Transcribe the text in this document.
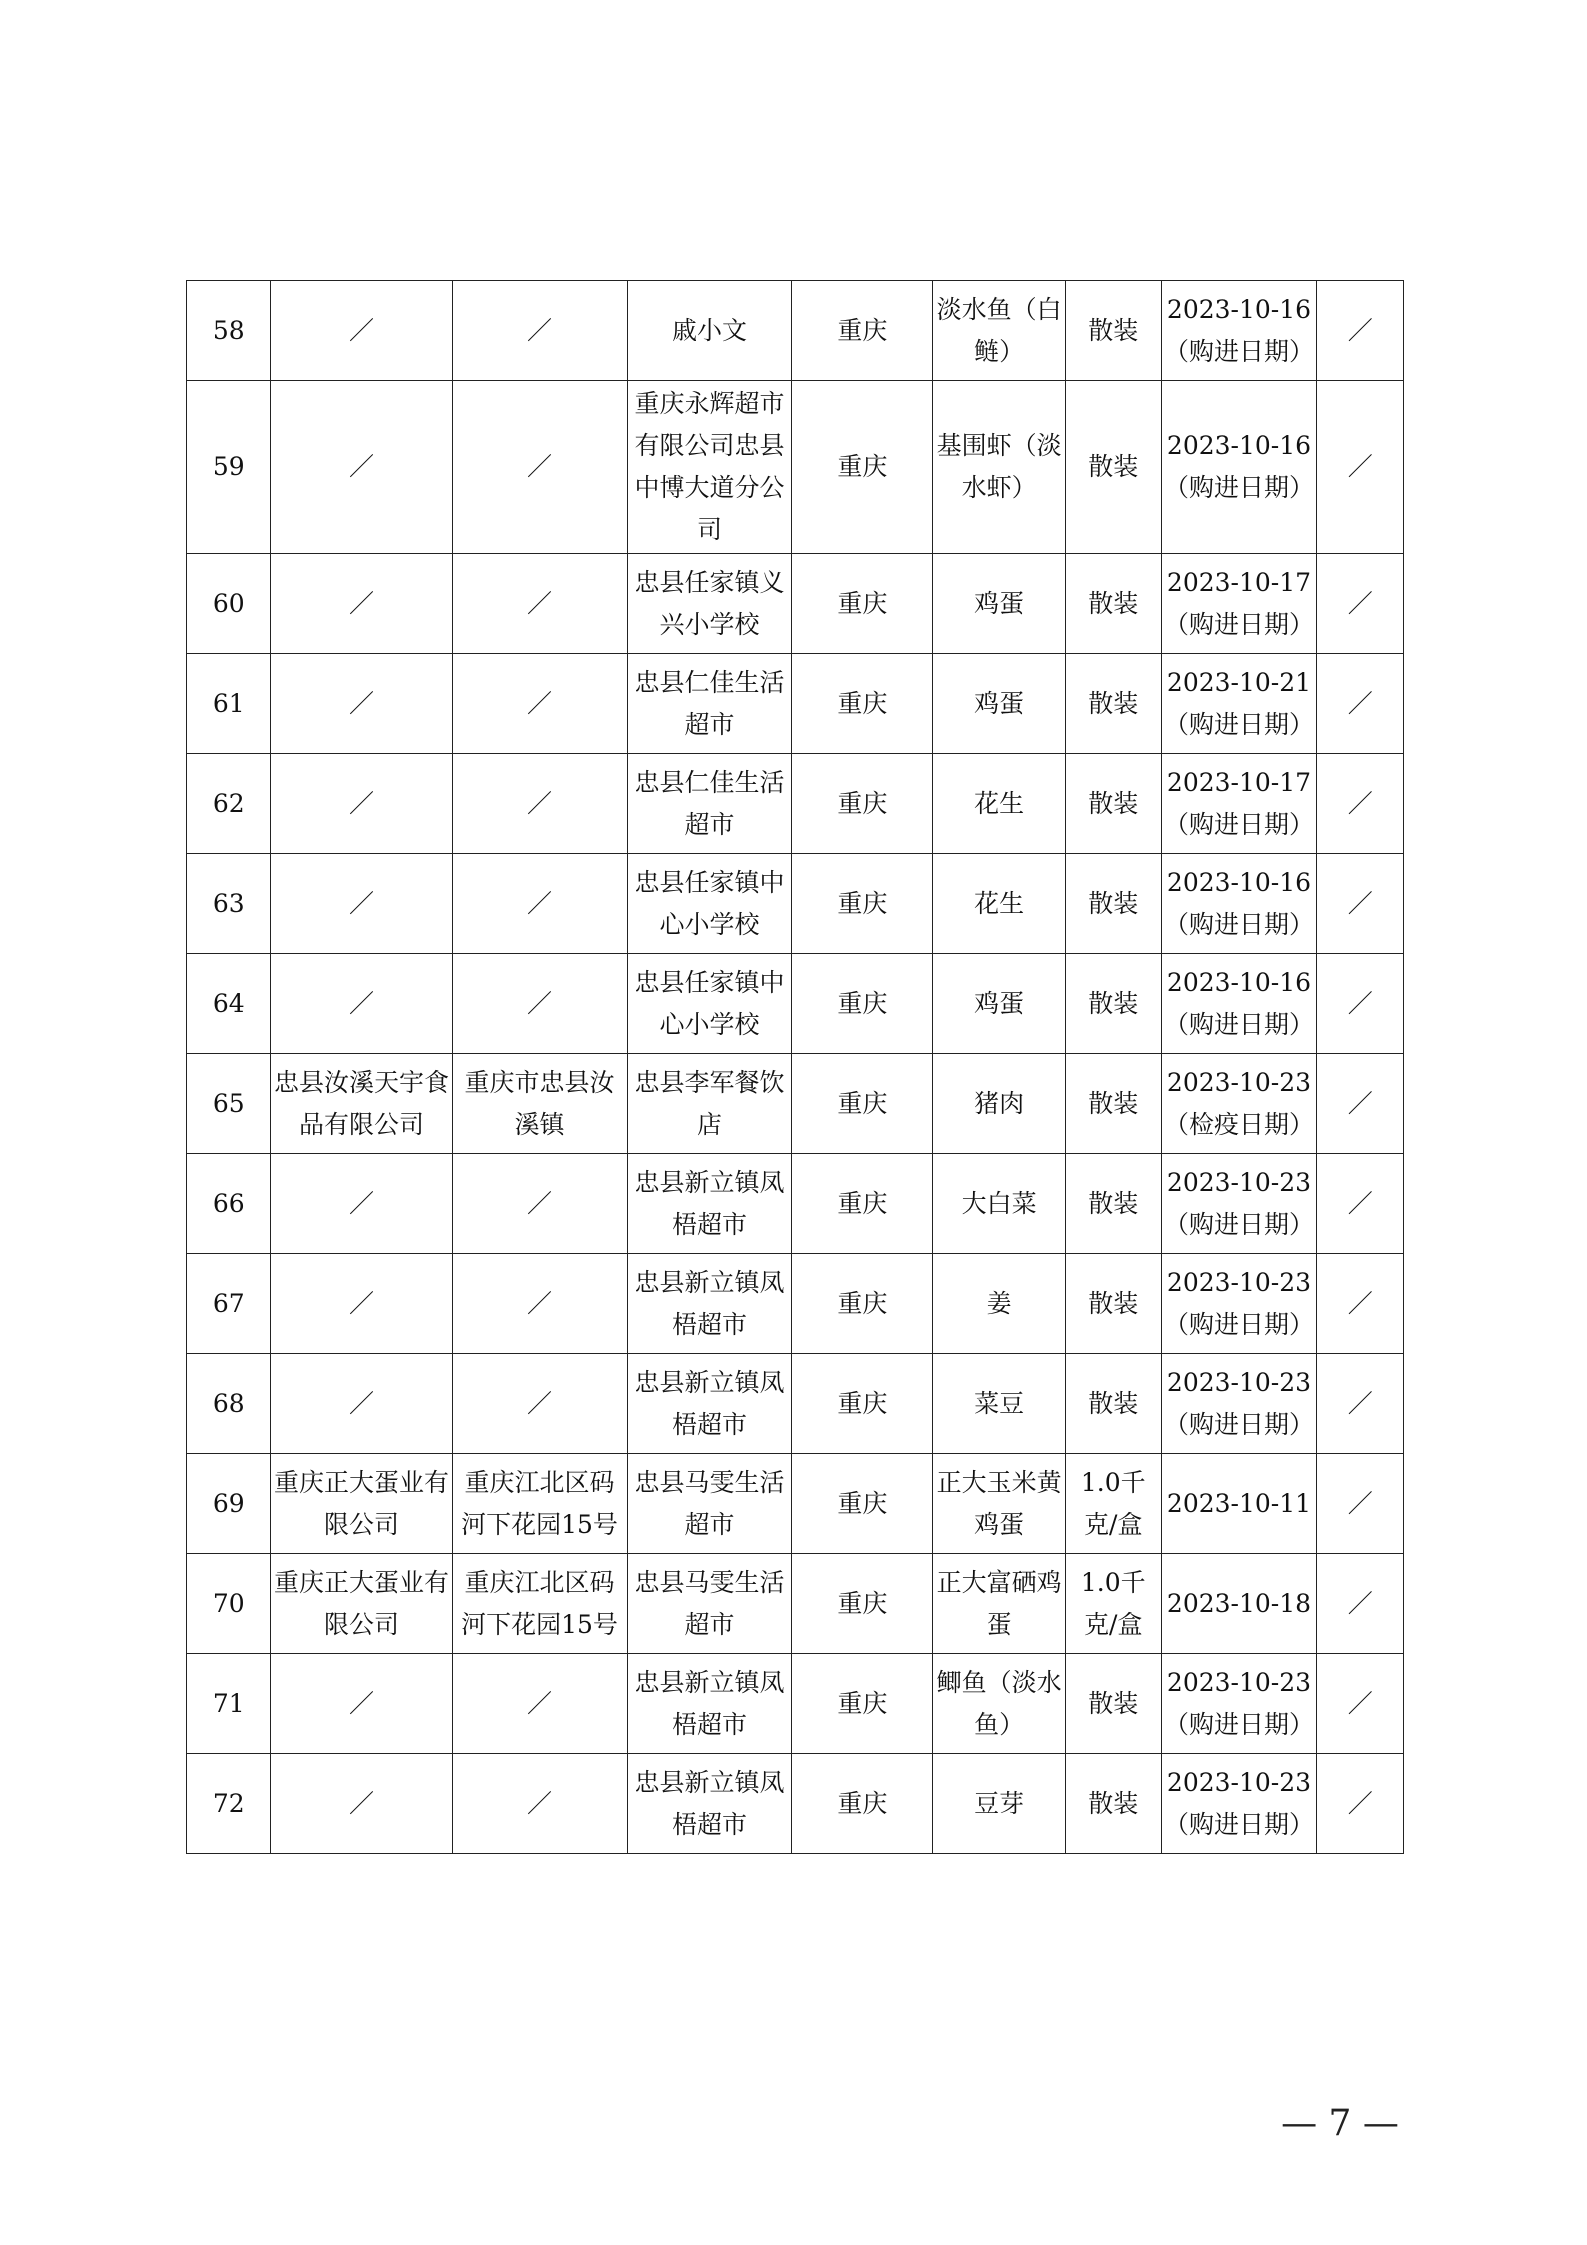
58	／	／	戚小文	重庆	淡水鱼（白鲢）	散装	2023-10-16（购进日期）	／
59	／	／	重庆永辉超市有限公司忠县中博大道分公司	重庆	基围虾（淡水虾）	散装	2023-10-16（购进日期）	／
60	／	／	忠县任家镇义兴小学校	重庆	鸡蛋	散装	2023-10-17（购进日期）	／
61	／	／	忠县仁佳生活超市	重庆	鸡蛋	散装	2023-10-21（购进日期）	／
62	／	／	忠县仁佳生活超市	重庆	花生	散装	2023-10-17（购进日期）	／
63	／	／	忠县任家镇中心小学校	重庆	花生	散装	2023-10-16（购进日期）	／
64	／	／	忠县任家镇中心小学校	重庆	鸡蛋	散装	2023-10-16（购进日期）	／
65	忠县汝溪天宇食品有限公司	重庆市忠县汝溪镇	忠县李军餐饮店	重庆	猪肉	散装	2023-10-23（检疫日期）	／
66	／	／	忠县新立镇凤梧超市	重庆	大白菜	散装	2023-10-23（购进日期）	／
67	／	／	忠县新立镇凤梧超市	重庆	姜	散装	2023-10-23（购进日期）	／
68	／	／	忠县新立镇凤梧超市	重庆	菜豆	散装	2023-10-23（购进日期）	／
69	重庆正大蛋业有限公司	重庆江北区码河下花园15号	忠县马雯生活超市	重庆	正大玉米黄鸡蛋	1.0千克/盒	2023-10-11	／
70	重庆正大蛋业有限公司	重庆江北区码河下花园15号	忠县马雯生活超市	重庆	正大富硒鸡蛋	1.0千克/盒	2023-10-18	／
71	／	／	忠县新立镇凤梧超市	重庆	鲫鱼（淡水鱼）	散装	2023-10-23（购进日期）	／
72	／	／	忠县新立镇凤梧超市	重庆	豆芽	散装	2023-10-23（购进日期）	／
— 7 —
